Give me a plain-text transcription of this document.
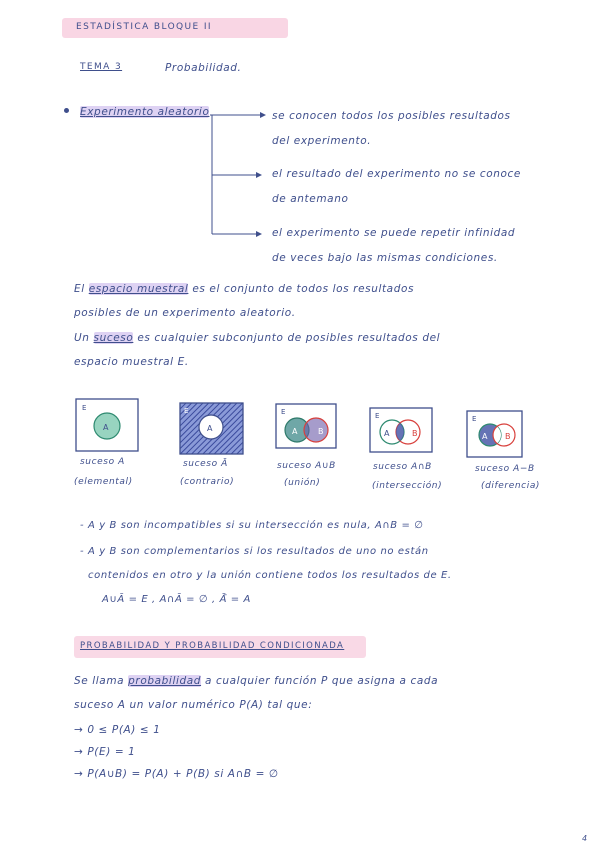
ESTADÍSTICA BLOQUE II
TEMA 3	Probabilidad.
Experimento aleatorio	se conocen todos los posibles resultados
del experimento.
el resultado del experimento no se conoce
de antemano
el experimento se puede repetir infinidad
de veces bajo las mismas condiciones.
El espacio muestral es el conjunto de todos los resultados
posibles de un experimento aleatorio.
Un suceso es cualquier subconjunto de posibles resultados del
espacio muestral E.
E
A
E
A
E
A	B
E
A	B
E
A B
suceso A
(elemental)
suceso Ā
(contrario)
suceso A∪B
(unión)
suceso A∩B
(intersección)
suceso A−B
(diferencia)
- A y B son incompatibles si su intersección es nula, A∩B = ∅
- A y B son complementarios si los resultados de uno no están
contenidos en otro y la unión contiene todos los resultados de E.
A∪Ā = E , A∩Ā = ∅ , Ā̄ = A
PROBABILIDAD Y PROBABILIDAD CONDICIONADA
Se llama probabilidad a cualquier función P que asigna a cada
suceso A un valor numérico P(A) tal que:
→ 0 ≤ P(A) ≤ 1
→ P(E) = 1
→ P(A∪B) = P(A) + P(B) si A∩B = ∅
4
